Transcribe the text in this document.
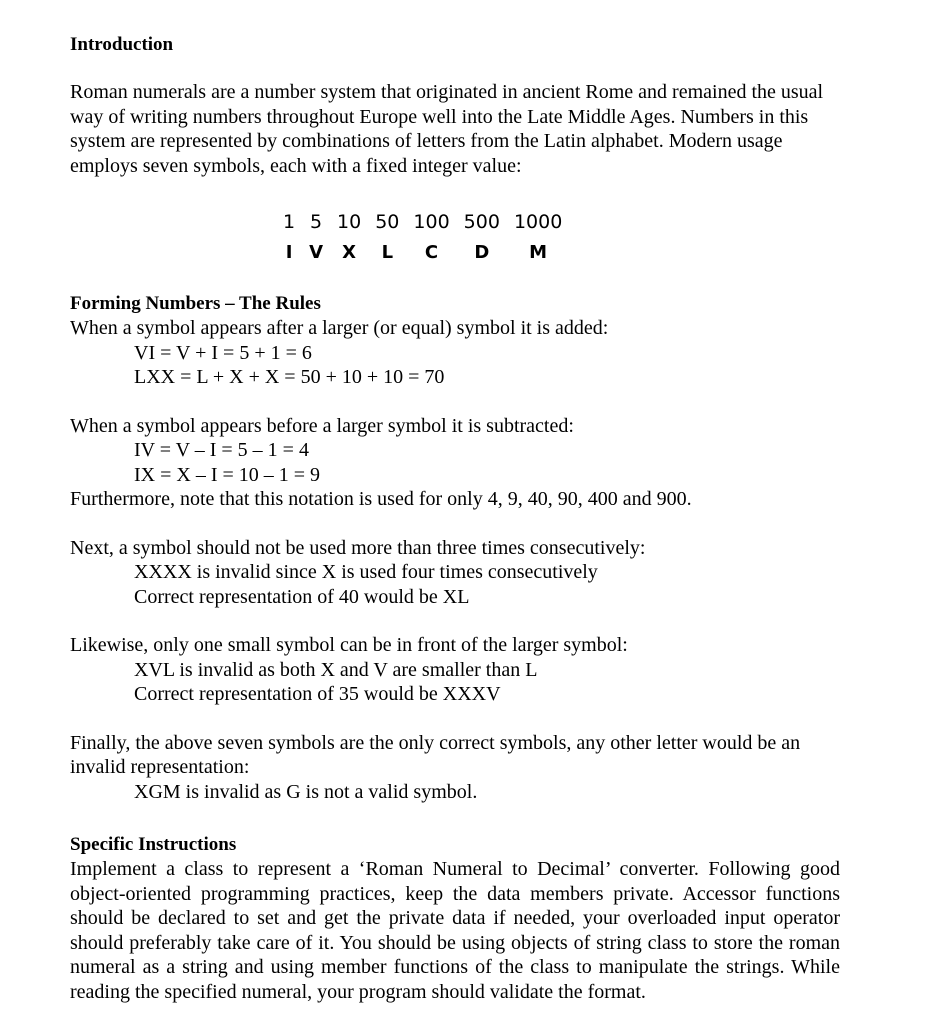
Introduction

Roman numerals are a number system that originated in ancient Rome and remained the usual way of writing numbers throughout Europe well into the Late Middle Ages. Numbers in this system are represented by combinations of letters from the Latin alphabet. Modern usage employs seven symbols, each with a fixed integer value:

1	5	10	50	100	500	1000
I	V	X	L	C	D	M
Forming Numbers – The Rules

When a symbol appears after a larger (or equal) symbol it is added:

VI = V + I = 5 + 1 = 6
LXX = L + X + X = 50 + 10 + 10 = 70

When a symbol appears before a larger symbol it is subtracted:

IV = V – I = 5 – 1 = 4
IX = X – I = 10 – 1 = 9

Furthermore, note that this notation is used for only 4, 9, 40, 90, 400 and 900.

Next, a symbol should not be used more than three times consecutively:

XXXX is invalid since X is used four times consecutively
Correct representation of 40 would be XL

Likewise, only one small symbol can be in front of the larger symbol:

XVL is invalid as both X and V are smaller than L
Correct representation of 35 would be XXXV

Finally, the above seven symbols are the only correct symbols, any other letter would be an invalid representation:

XGM is invalid as G is not a valid symbol.
Specific Instructions

Implement a class to represent a ‘Roman Numeral to Decimal’ converter. Following good object-oriented programming practices, keep the data members private. Accessor functions should be declared to set and get the private data if needed, your overloaded input operator should preferably take care of it. You should be using objects of string class to store the roman numeral as a string and using member functions of the class to manipulate the strings. While reading the specified numeral, your program should validate the format.
